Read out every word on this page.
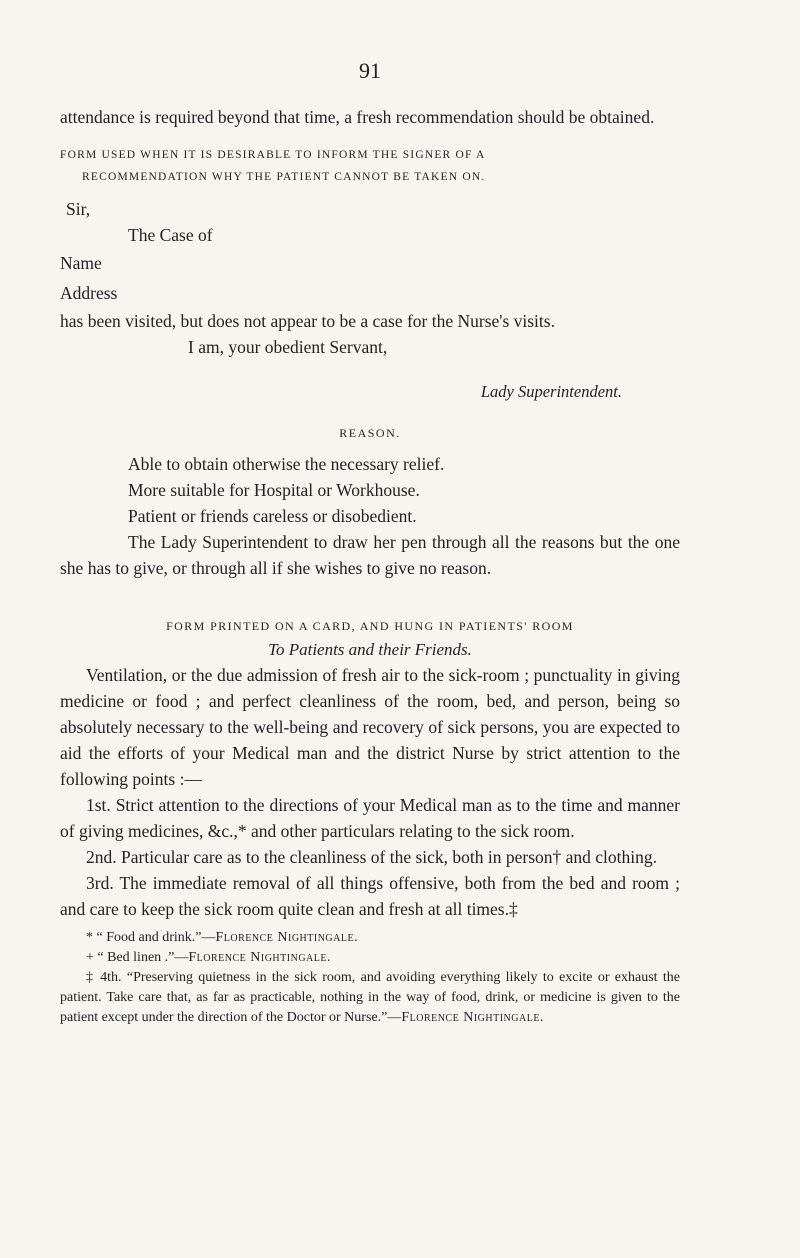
91

attendance is required beyond that time, a fresh recommendation should be obtained.

FORM USED WHEN IT IS DESIRABLE TO INFORM THE SIGNER OF A
RECOMMENDATION WHY THE PATIENT CANNOT BE TAKEN ON.

Sir,

The Case of

Name

Address

has been visited, but does not appear to be a case for the Nurse's visits.

I am, your obedient Servant,

Lady Superintendent.

REASON.

Able to obtain otherwise the necessary relief.

More suitable for Hospital or Workhouse.

Patient or friends careless or disobedient.

The Lady Superintendent to draw her pen through all the reasons but the one she has to give, or through all if she wishes to give no reason.

FORM PRINTED ON A CARD, AND HUNG IN PATIENTS' ROOM
To Patients and their Friends.

Ventilation, or the due admission of fresh air to the sick-room ; punctuality in giving medicine or food ; and perfect cleanliness of the room, bed, and person, being so absolutely necessary to the well-being and recovery of sick persons, you are expected to aid the efforts of your Medical man and the district Nurse by strict attention to the following points :—

1st. Strict attention to the directions of your Medical man as to the time and manner of giving medicines, &c.,* and other particulars relating to the sick room.

2nd. Particular care as to the cleanliness of the sick, both in person† and clothing.

3rd. The immediate removal of all things offensive, both from the bed and room ; and care to keep the sick room quite clean and fresh at all times.‡

* “ Food and drink.”—Florence Nightingale.

+ “ Bed linen .”—Florence Nightingale.

‡ 4th. “Preserving quietness in the sick room, and avoiding everything likely to excite or exhaust the patient. Take care that, as far as practicable, nothing in the way of food, drink, or medicine is given to the patient except under the direction of the Doctor or Nurse.”—Florence Nightingale.
